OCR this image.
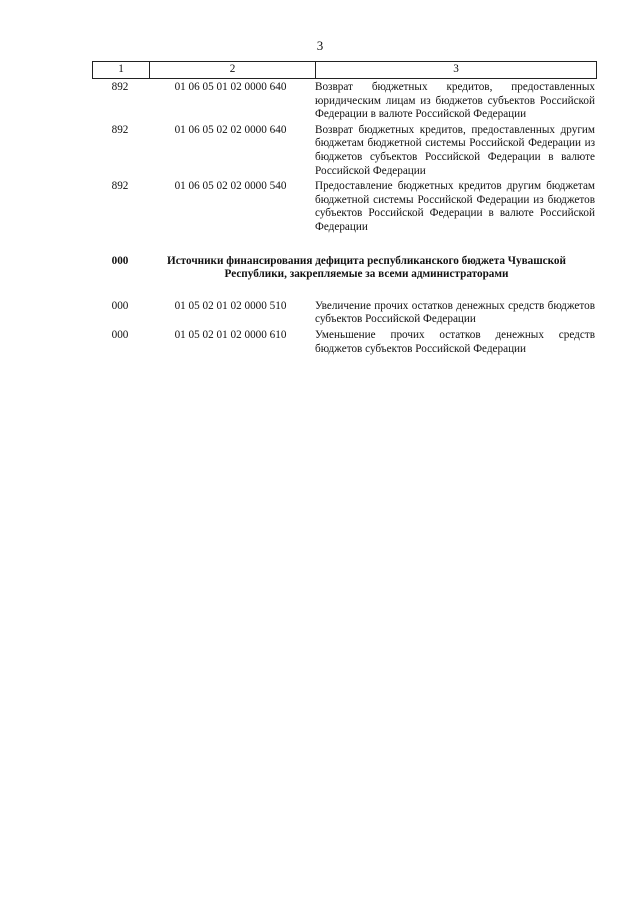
3
1	2	3
892	01 06 05 01 02 0000 640	Возврат бюджетных кредитов, предоставленных юридическим лицам из бюджетов субъектов Российской Федерации в валюте Российской Федерации
892	01 06 05 02 02 0000 640	Возврат бюджетных кредитов, предоставленных другим бюджетам бюджетной системы Российской Федерации из бюджетов субъектов Российской Федерации в валюте Российской Федерации
892	01 06 05 02 02 0000 540	Предоставление бюджетных кредитов другим бюджетам бюджетной системы Российской Федерации из бюджетов субъектов Российской Федерации в валюте Российской Федерации
000	Источники финансирования дефицита республиканского бюджета Чувашской Республики, закрепляемые за всеми администраторами
000	01 05 02 01 02 0000 510	Увеличение прочих остатков денежных средств бюджетов субъектов Российской Федерации
000	01 05 02 01 02 0000 610	Уменьшение прочих остатков денежных средств бюджетов субъектов Российской Федерации
